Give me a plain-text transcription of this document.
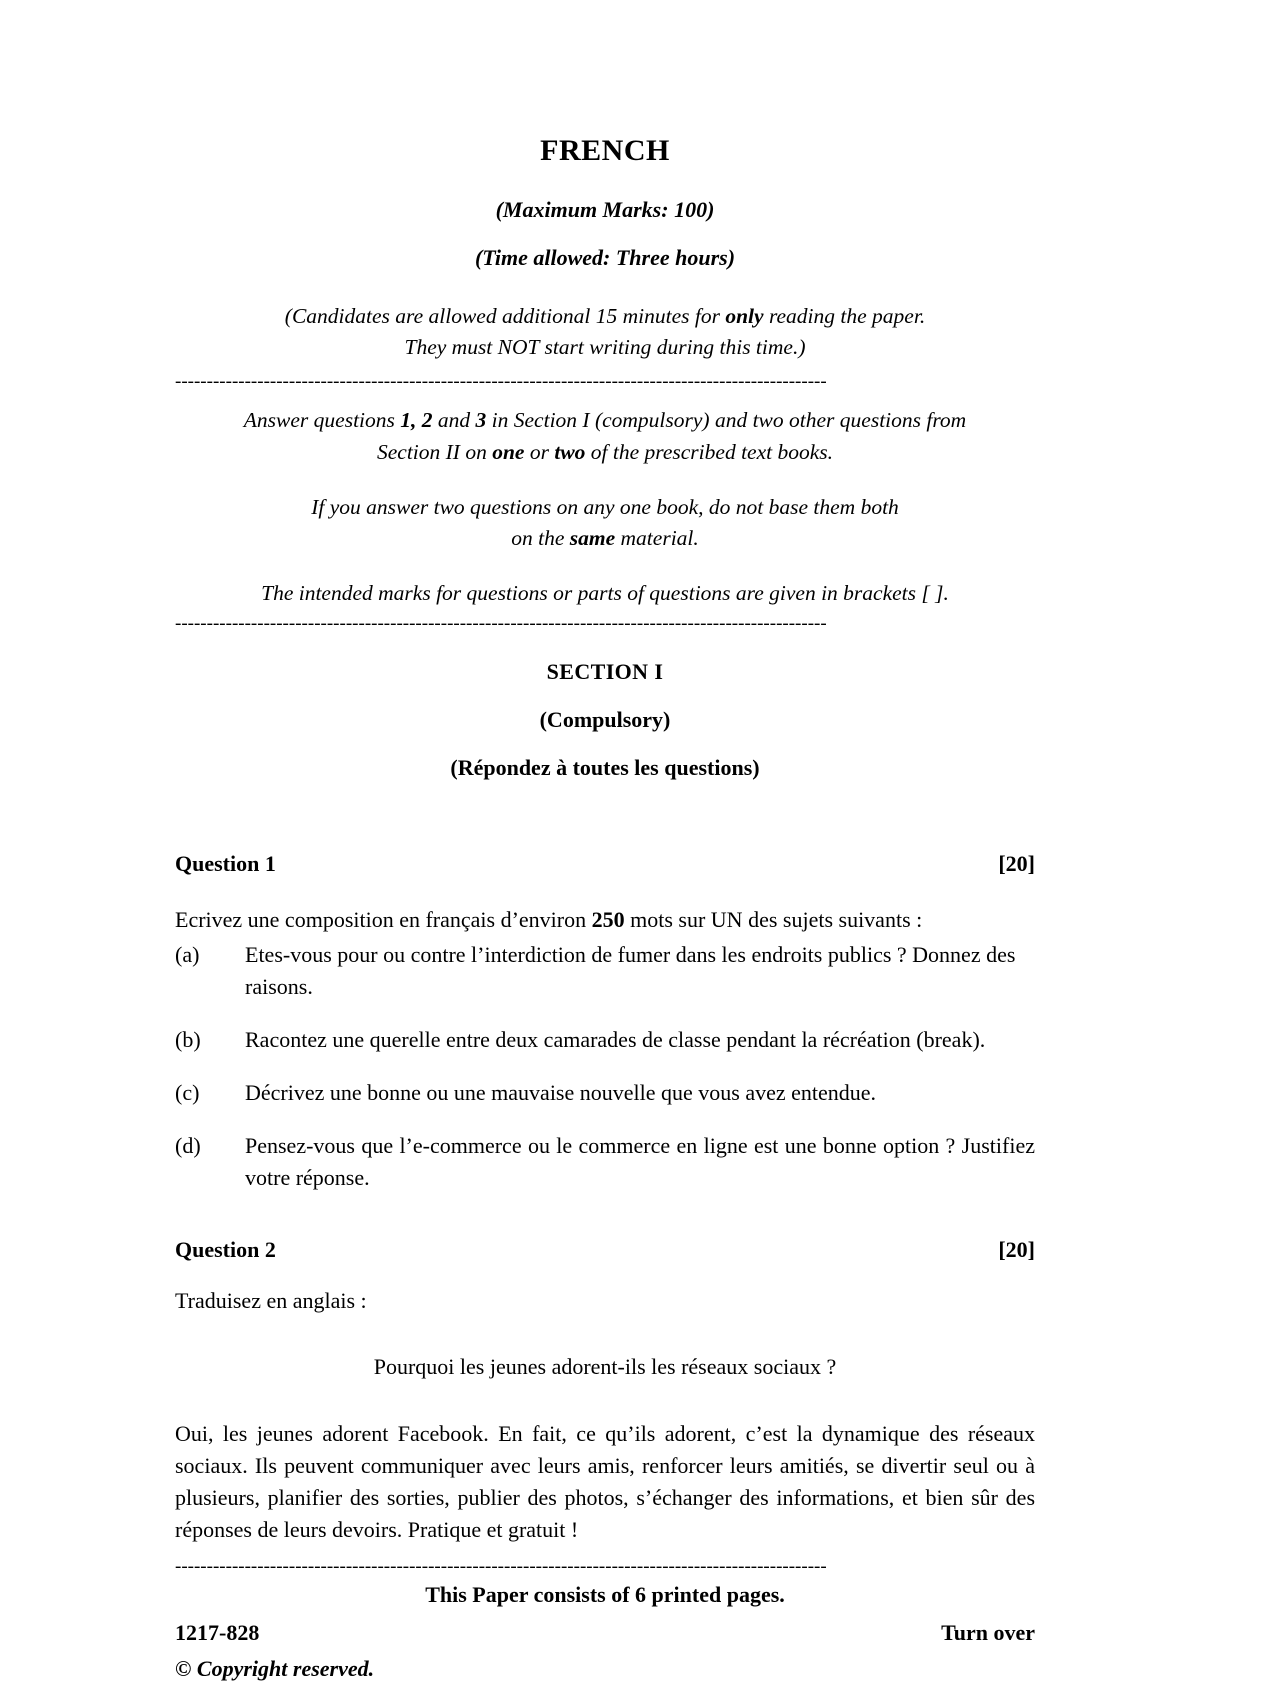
FRENCH
(Maximum Marks: 100)
(Time allowed: Three hours)
(Candidates are allowed additional 15 minutes for only reading the paper.
They must NOT start writing during this time.)
-------------------------------------------------------------------------------------------------------
Answer questions 1, 2 and 3 in Section I (compulsory) and two other questions from
Section II on one or two of the prescribed text books.
If you answer two questions on any one book, do not base them both
on the same material.
The intended marks for questions or parts of questions are given in brackets [ ].
-------------------------------------------------------------------------------------------------------
SECTION I
(Compulsory)
(Répondez à toutes les questions)
Question 1	[20]
Ecrivez une composition en français d’environ 250 mots sur UN des sujets suivants :
(a)	Etes-vous pour ou contre l’interdiction de fumer dans les endroits publics ? Donnez des raisons.
(b)	Racontez une querelle entre deux camarades de classe pendant la récréation (break).
(c)	Décrivez une bonne ou une mauvaise nouvelle que vous avez entendue.
(d)	Pensez-vous que l’e-commerce ou le commerce en ligne est une bonne option ? Justifiez votre réponse.
Question 2	[20]
Traduisez en anglais :
Pourquoi les jeunes adorent-ils les réseaux sociaux ?
Oui, les jeunes adorent Facebook. En fait, ce qu’ils adorent, c’est la dynamique des réseaux sociaux. Ils peuvent communiquer avec leurs amis, renforcer leurs amitiés, se divertir seul ou à plusieurs, planifier des sorties, publier des photos, s’échanger des informations, et bien sûr des réponses de leurs devoirs. Pratique et gratuit !
-------------------------------------------------------------------------------------------------------
This Paper consists of 6 printed pages.
1217-828	Turn over
© Copyright reserved.
